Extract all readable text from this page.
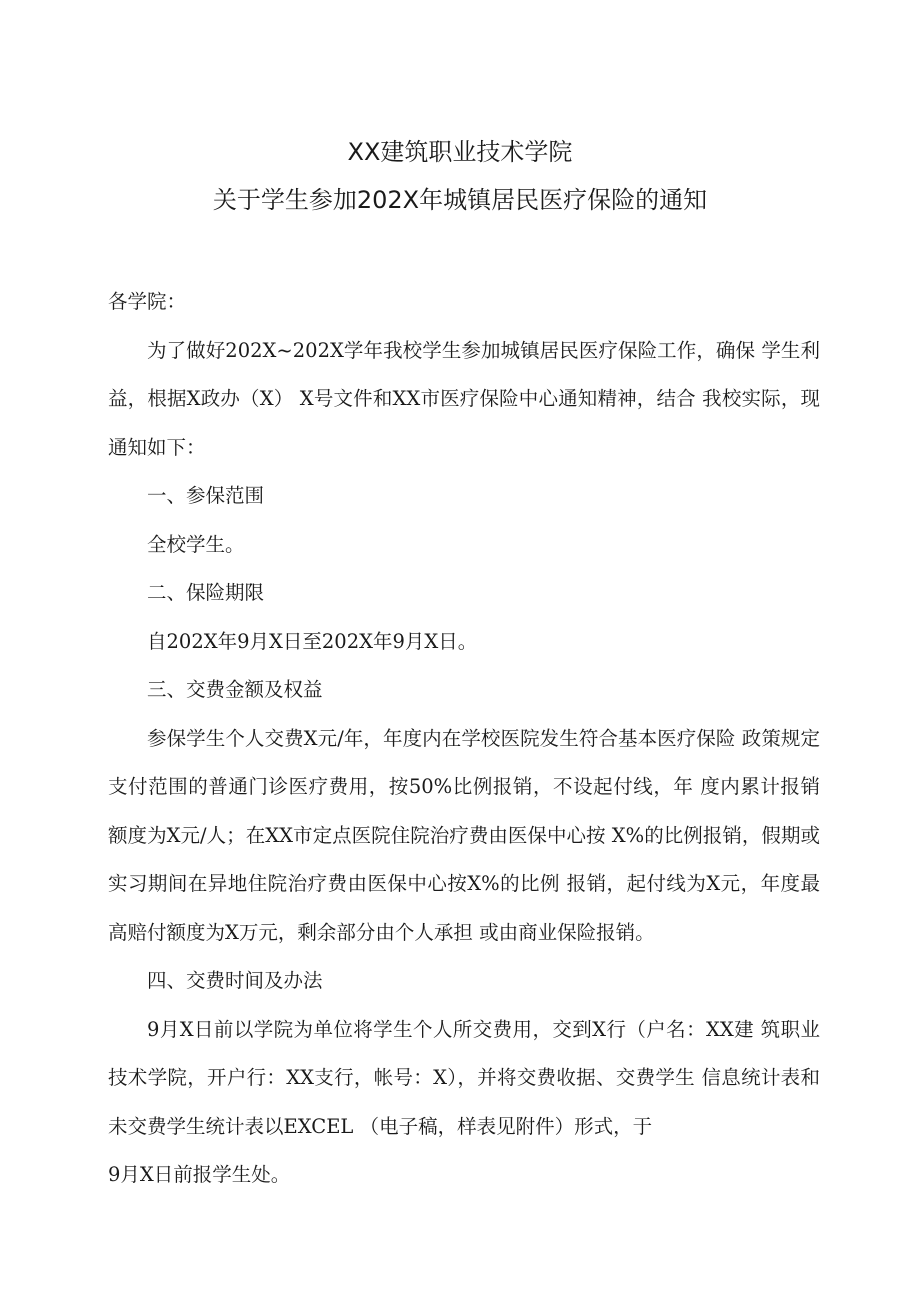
XX建筑职业技术学院
关于学生参加202X年城镇居民医疗保险的通知

各学院：

为了做好202X~202X学年我校学生参加城镇居民医疗保险工作，确保 学生利益，根据X政办（X） X号文件和XX市医疗保险中心通知精神，结合 我校实际，现通知如下：

一、参保范围

全校学生。

二、保险期限

自202X年9月X日至202X年9月X日。

三、交费金额及权益

参保学生个人交费X元/年，年度内在学校医院发生符合基本医疗保险 政策规定支付范围的普通门诊医疗费用，按50%比例报销，不设起付线，年 度内累计报销额度为X元/人；在XX市定点医院住院治疗费由医保中心按 X%的比例报销，假期或实习期间在异地住院治疗费由医保中心按X%的比例 报销，起付线为X元，年度最高赔付额度为X万元，剩余部分由个人承担 或由商业保险报销。

四、交费时间及办法

9月X日前以学院为单位将学生个人所交费用，交到X行（户名：XX建 筑职业技术学院，开户行：XX支行，帐号：X），并将交费收据、交费学生 信息统计表和未交费学生统计表以EXCEL （电子稿，样表见附件）形式，于

9月X日前报学生处。
